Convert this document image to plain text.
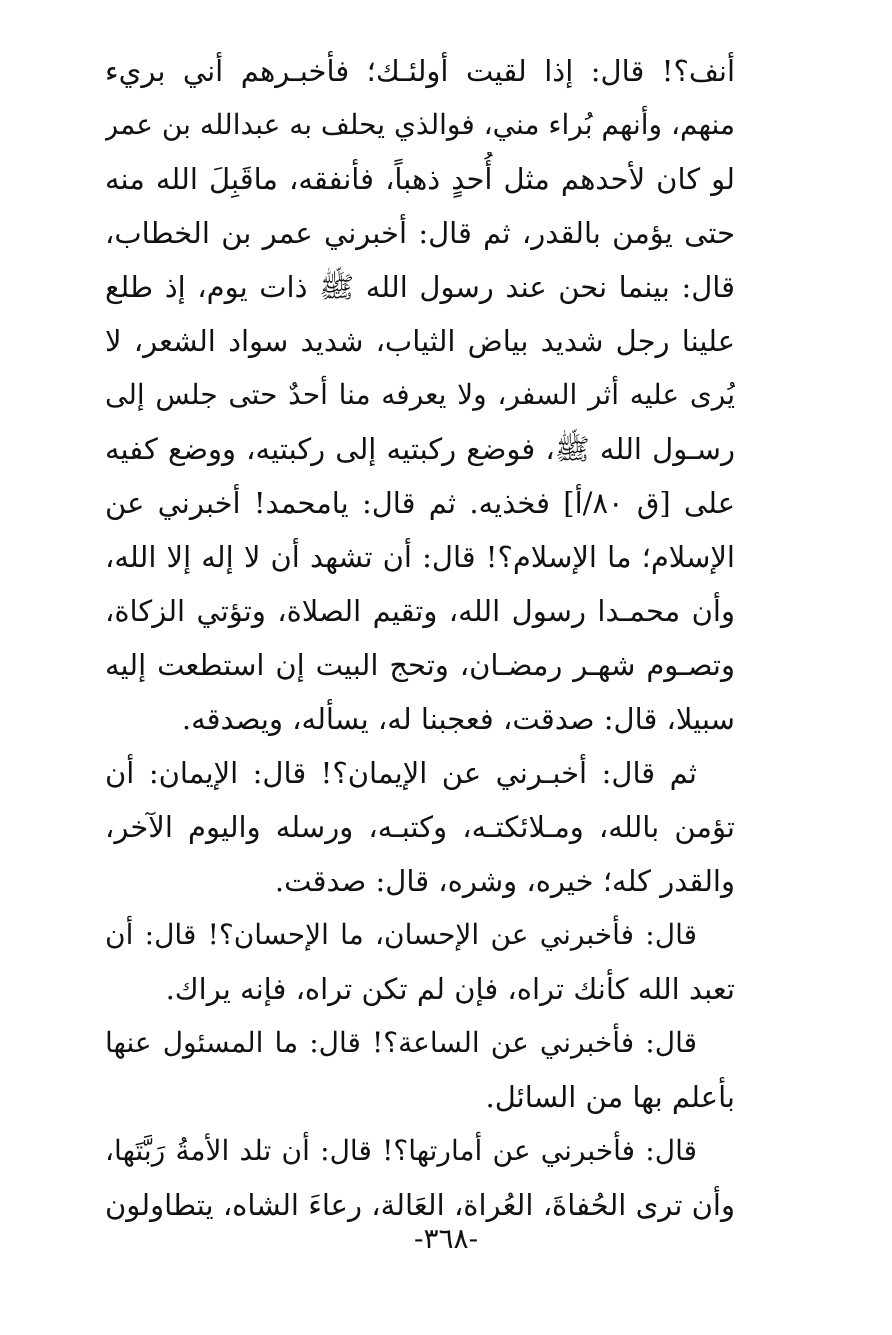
أنف؟! قال: إذا لقيت أولئـك؛ فأخبـرهم أني بريء
منهم، وأنهم بُراء مني، فوالذي يحلف به عبدالله بن عمر
لو كان لأحدهم مثل أُحدٍ ذهباً، فأنفقه، ماقَبِلَ الله منه
حتى يؤمن بالقدر، ثم قال: أخبرني عمر بن الخطاب،
قال: بينما نحن عند رسول الله ﷺ ذات يوم، إذ طلع
علينا رجل شديد بياض الثياب، شديد سواد الشعر، لا
يُرى عليه أثر السفر، ولا يعرفه منا أحدٌ حتى جلس إلى
رسـول الله ﷺ، فوضع ركبتيه إلى ركبتيه، ووضع كفيه
على [ق ٨٠/أ] فخذيه. ثم قال: يامحمد! أخبرني عن
الإسلام؛ ما الإسلام؟! قال: أن تشهد أن لا إله إلا الله،
وأن محمـدا رسول الله، وتقيم الصلاة، وتؤتي الزكاة،
وتصـوم شهـر رمضـان، وتحج البيت إن استطعت إليه
سبيلا، قال: صدقت، فعجبنا له، يسأله، ويصدقه.
ثم قال: أخبـرني عن الإيمان؟! قال: الإيمان: أن
تؤمن بالله، ومـلائكتـه، وكتبـه، ورسله واليوم الآخر،
والقدر كله؛ خيره، وشره، قال: صدقت.
قال: فأخبرني عن الإحسان، ما الإحسان؟! قال: أن
تعبد الله كأنك تراه، فإن لم تكن تراه، فإنه يراك.
قال: فأخبرني عن الساعة؟! قال: ما المسئول عنها
بأعلم بها من السائل.
قال: فأخبرني عن أمارتها؟! قال: أن تلد الأمةُ رَبَّتَها،
وأن ترى الحُفاةَ، العُراة، العَالة، رعاءَ الشاه، يتطاولون
-٣٦٨-
